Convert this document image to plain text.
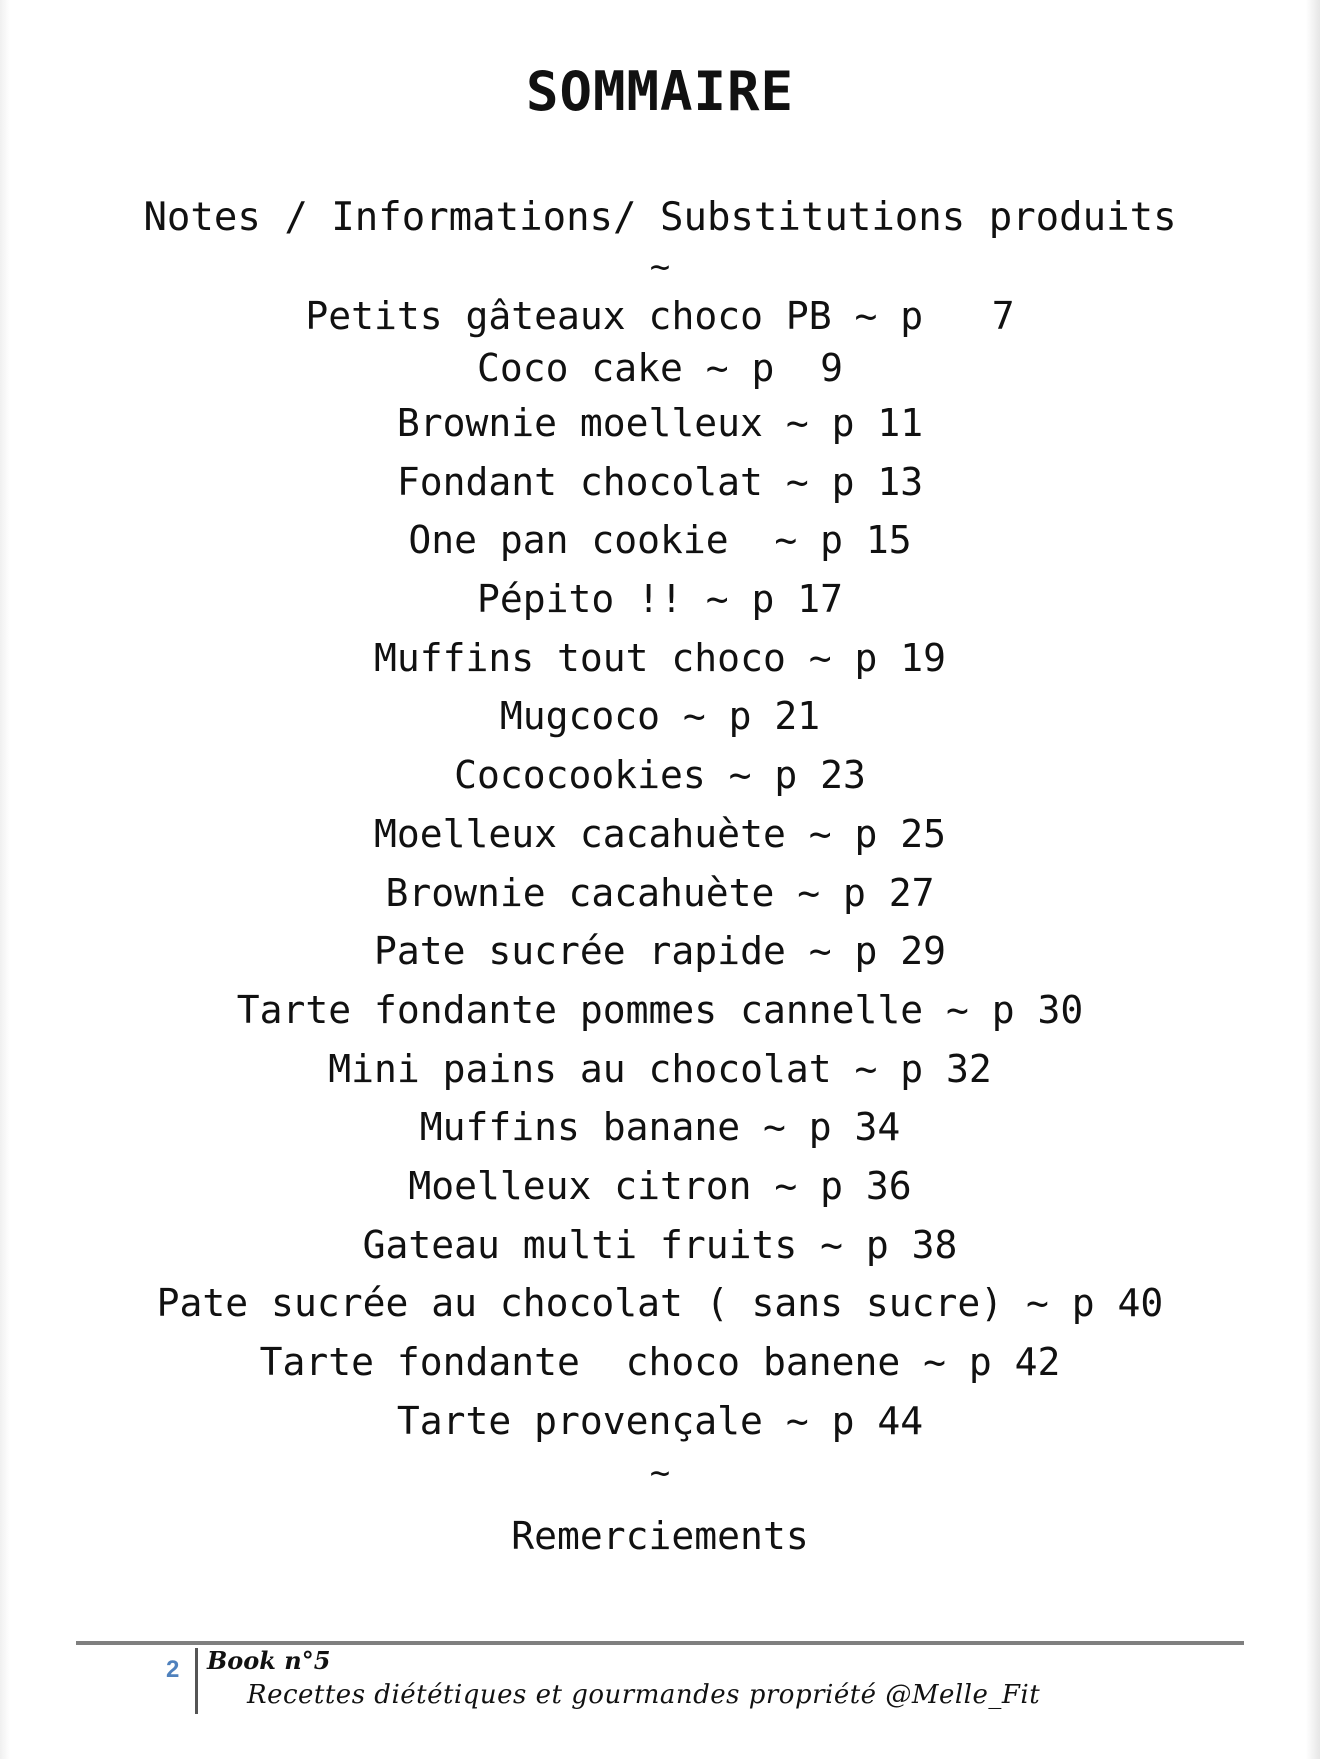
SOMMAIRE
Notes / Informations/ Substitutions produits
~
Petits gâteaux choco PB ~ p   7
Coco cake ~ p  9
Brownie moelleux ~ p 11
Fondant chocolat ~ p 13
One pan cookie  ~ p 15
Pépito !! ~ p 17
Muffins tout choco ~ p 19
Mugcoco ~ p 21
Cococookies ~ p 23
Moelleux cacahuète ~ p 25
Brownie cacahuète ~ p 27
Pate sucrée rapide ~ p 29
Tarte fondante pommes cannelle ~ p 30
Mini pains au chocolat ~ p 32
Muffins banane ~ p 34
Moelleux citron ~ p 36
Gateau multi fruits ~ p 38
Pate sucrée au chocolat ( sans sucre) ~ p 40
Tarte fondante  choco banene ~ p 42
Tarte provençale ~ p 44
~
Remerciements
2 Book n°5
Recettes diététiques et gourmandes propriété @Melle_Fit
